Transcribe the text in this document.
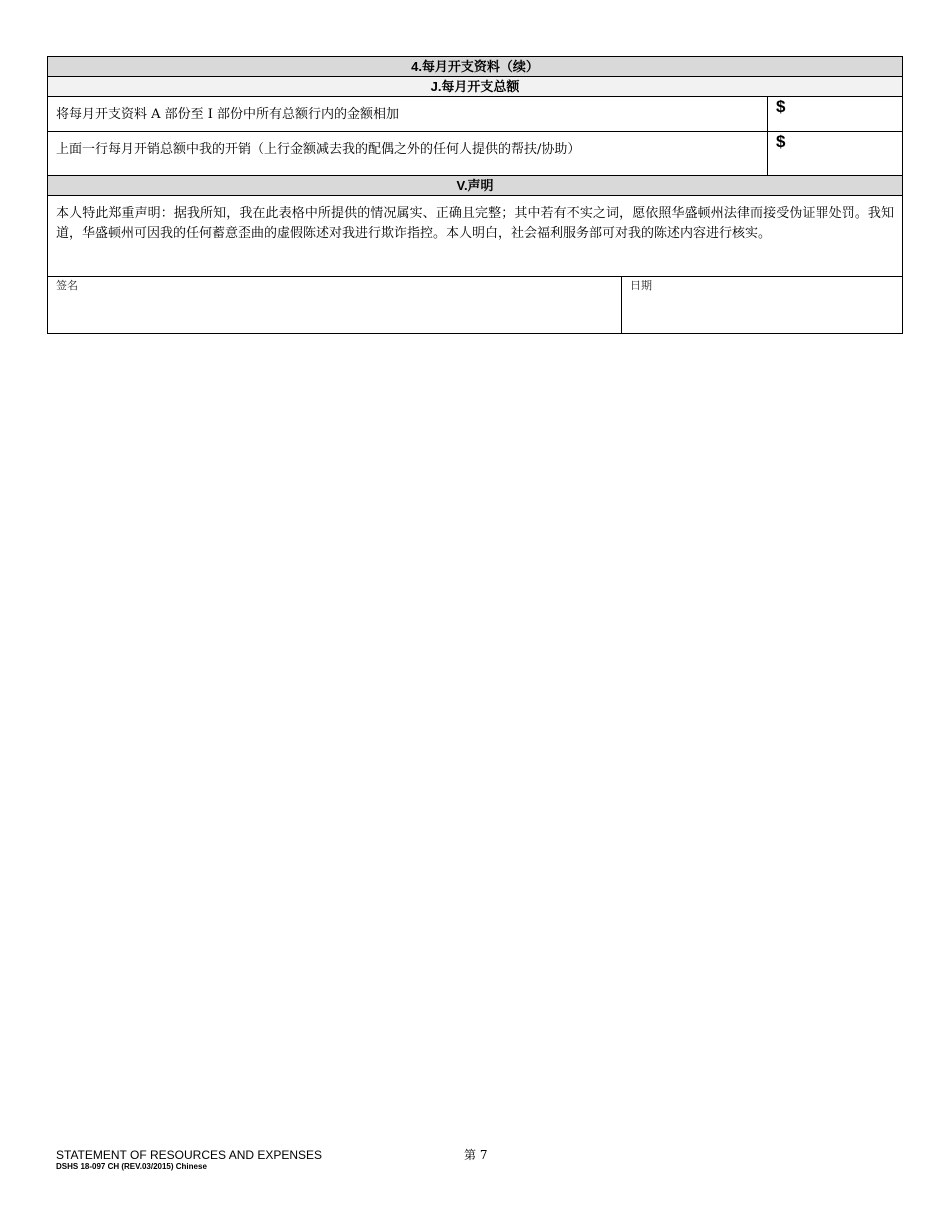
4.每月开支资料（续）		
J.每月开支总额		
将每月开支资料 A 部份至 I 部份中所有总额行内的金额相加		$
上面一行每月开销总额中我的开销（上行金额减去我的配偶之外的任何人提供的帮扶/协助）		$
V.声明		
本人特此郑重声明：据我所知，我在此表格中所提供的情况属实、正确且完整；其中若有不实之词，愿依照华盛顿州法律而接受伪证罪处罚。我知道，华盛顿州可因我的任何蓄意歪曲的虚假陈述对我进行欺诈指控。本人明白，社会福利服务部可对我的陈述内容进行核实。		
签名	日期	
STATEMENT OF RESOURCES AND EXPENSES
DSHS 18-097 CH (REV.03/2015) Chinese
第 7
